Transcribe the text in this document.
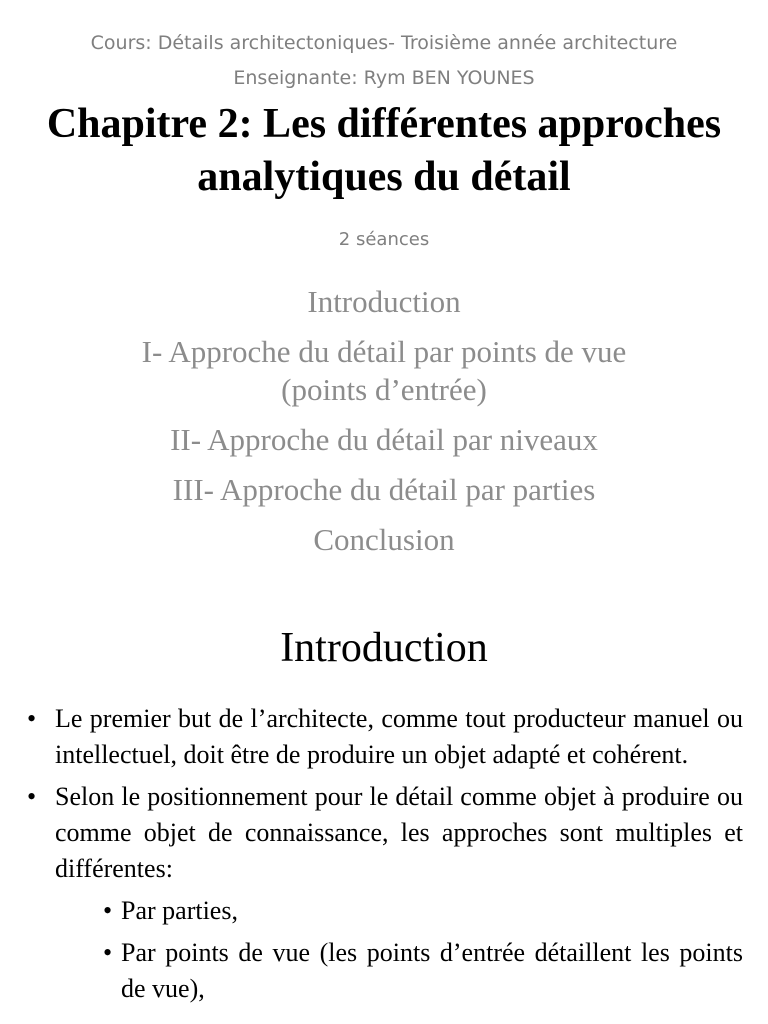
Cours: Détails architectoniques- Troisième année architecture
Enseignante: Rym BEN YOUNES
Chapitre 2: Les différentes approches analytiques du détail
2 séances
Introduction
I- Approche du détail par points de vue (points d’entrée)
II- Approche du détail par niveaux
III- Approche du détail par parties
Conclusion
Introduction
• Le premier but de l’architecte, comme tout producteur manuel ou intellectuel, doit être de produire un objet adapté et cohérent.
• Selon le positionnement pour le détail comme objet à produire ou comme objet de connaissance, les approches sont multiples et différentes:
• Par parties,
• Par points de vue (les points d’entrée détaillent les points de vue),
